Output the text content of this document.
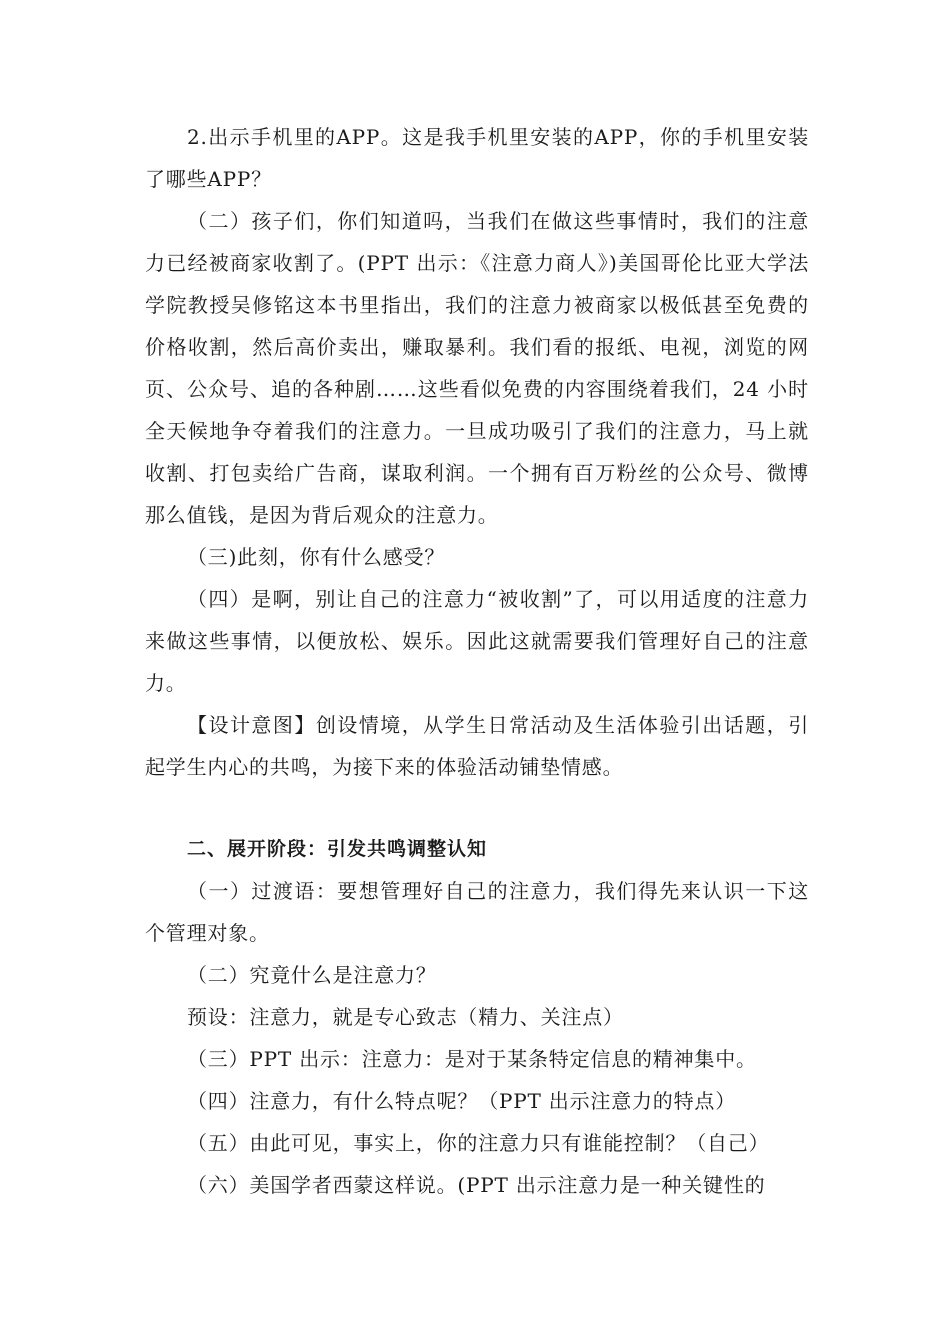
2.出示手机里的APP。这是我手机里安装的APP，你的手机里安装了哪些APP？

（二）孩子们，你们知道吗，当我们在做这些事情时，我们的注意力已经被商家收割了。(PPT 出示：《注意力商人》)美国哥伦比亚大学法学院教授吴修铭这本书里指出，我们的注意力被商家以极低甚至免费的价格收割，然后高价卖出，赚取暴利。我们看的报纸、电视，浏览的网页、公众号、追的各种剧……这些看似免费的内容围绕着我们，24 小时全天候地争夺着我们的注意力。一旦成功吸引了我们的注意力，马上就收割、打包卖给广告商，谋取利润。一个拥有百万粉丝的公众号、微博那么值钱，是因为背后观众的注意力。

（三)此刻，你有什么感受？

（四）是啊，别让自己的注意力“被收割”了，可以用适度的注意力来做这些事情，以便放松、娱乐。因此这就需要我们管理好自己的注意力。

【设计意图】创设情境，从学生日常活动及生活体验引出话题，引起学生内心的共鸣，为接下来的体验活动铺垫情感。

二、展开阶段：引发共鸣调整认知

（一）过渡语：要想管理好自己的注意力，我们得先来认识一下这个管理对象。

（二）究竟什么是注意力？

预设：注意力，就是专心致志（精力、关注点）

（三）PPT 出示：注意力：是对于某条特定信息的精神集中。

（四）注意力，有什么特点呢？（PPT 出示注意力的特点）

（五）由此可见，事实上，你的注意力只有谁能控制？（自己）

（六）美国学者西蒙这样说。(PPT 出示注意力是一种关键性的
